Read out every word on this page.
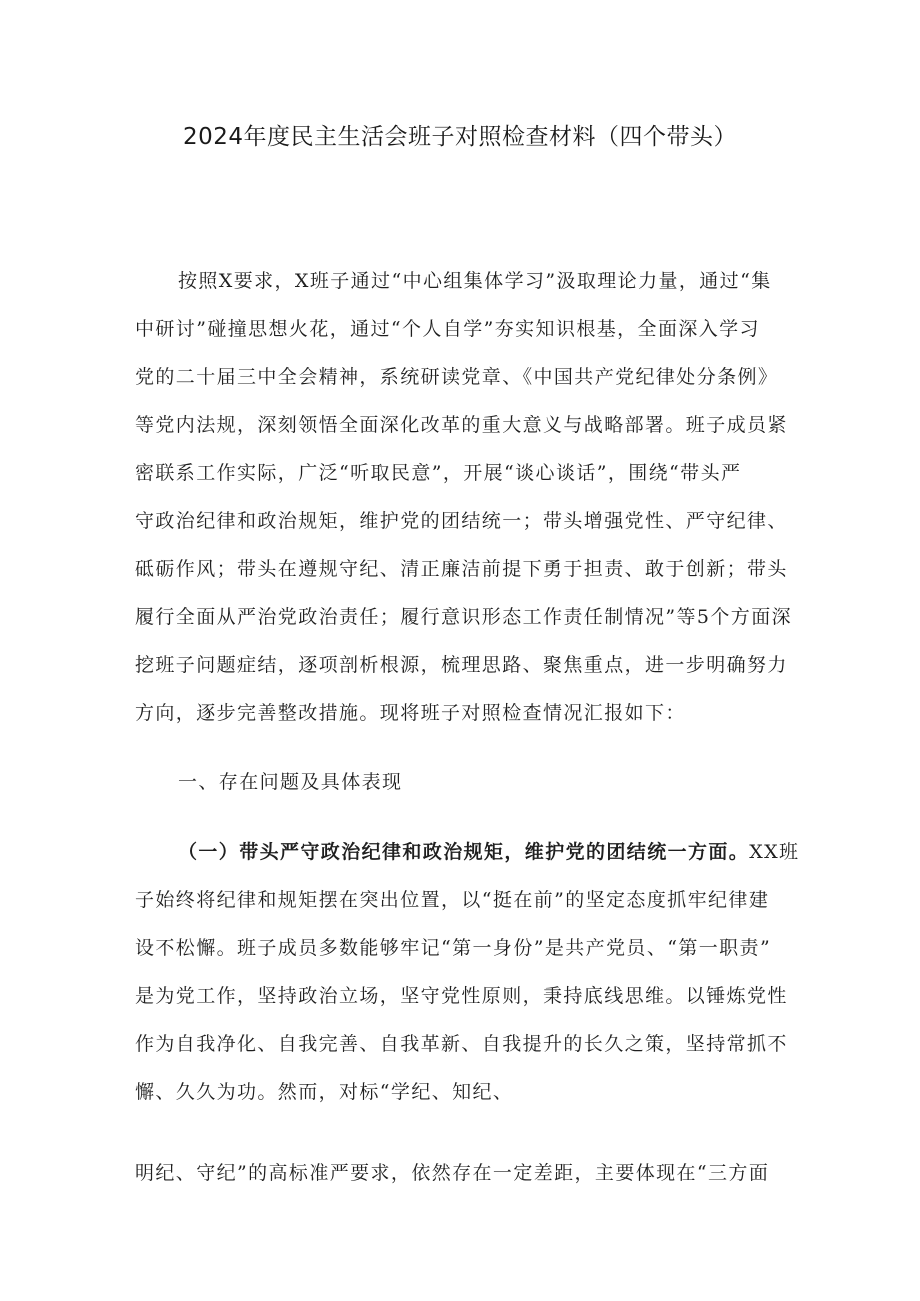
2024年度民主生活会班子对照检查材料（四个带头）
按照X要求，X班子通过“中心组集体学习”汲取理论力量，通过“集
中研讨”碰撞思想火花，通过“个人自学”夯实知识根基，全面深入学习
党的二十届三中全会精神，系统研读党章、《中国共产党纪律处分条例》
等党内法规，深刻领悟全面深化改革的重大意义与战略部署。班子成员紧
密联系工作实际，广泛“听取民意”，开展“谈心谈话”，围绕“带头严
守政治纪律和政治规矩，维护党的团结统一；带头增强党性、严守纪律、
砥砺作风；带头在遵规守纪、清正廉洁前提下勇于担责、敢于创新；带头
履行全面从严治党政治责任；履行意识形态工作责任制情况”等5个方面深
挖班子问题症结，逐项剖析根源，梳理思路、聚焦重点，进一步明确努力
方向，逐步完善整改措施。现将班子对照检查情况汇报如下：
一、存在问题及具体表现
（一）带头严守政治纪律和政治规矩，维护党的团结统一方面。XX班
子始终将纪律和规矩摆在突出位置，以“挺在前”的坚定态度抓牢纪律建
设不松懈。班子成员多数能够牢记“第一身份”是共产党员、“第一职责”
是为党工作，坚持政治立场，坚守党性原则，秉持底线思维。以锤炼党性
作为自我净化、自我完善、自我革新、自我提升的长久之策，坚持常抓不
懈、久久为功。然而，对标“学纪、知纪、
明纪、守纪”的高标准严要求，依然存在一定差距，主要体现在“三方面
